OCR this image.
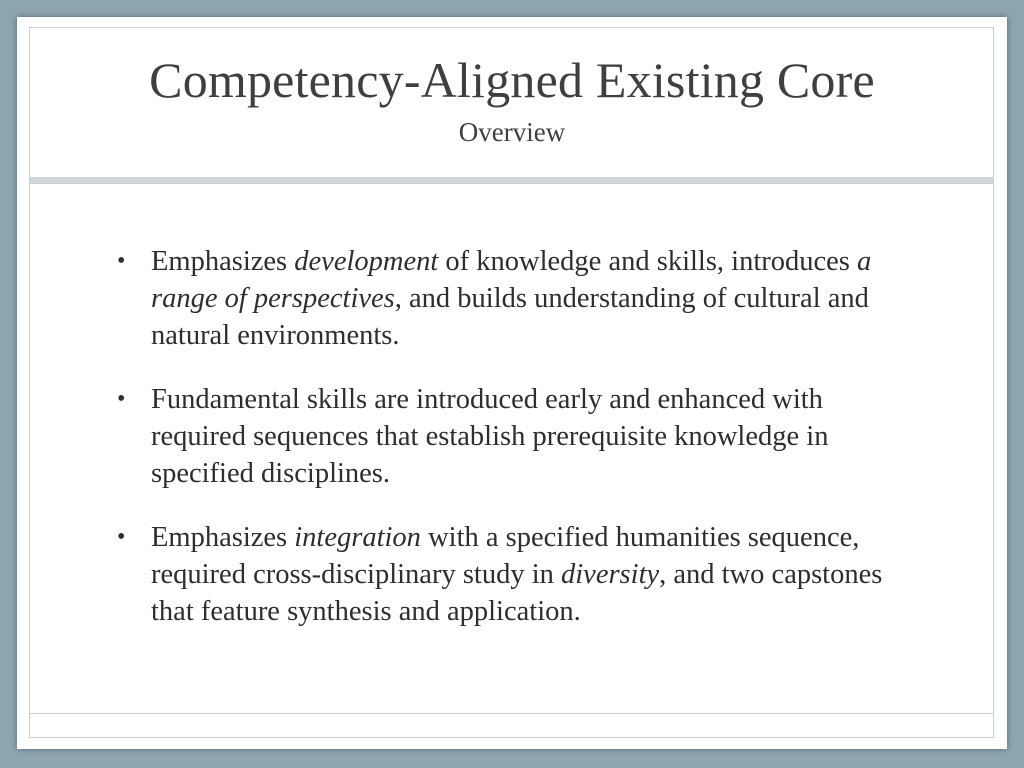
Competency-Aligned Existing Core
Overview
• Emphasizes development of knowledge and skills, introduces a range of perspectives, and builds understanding of cultural and natural environments.
• Fundamental skills are introduced early and enhanced with required sequences that establish prerequisite knowledge in specified disciplines.
• Emphasizes integration with a specified humanities sequence, required cross-disciplinary study in diversity, and two capstones that feature synthesis and application.
